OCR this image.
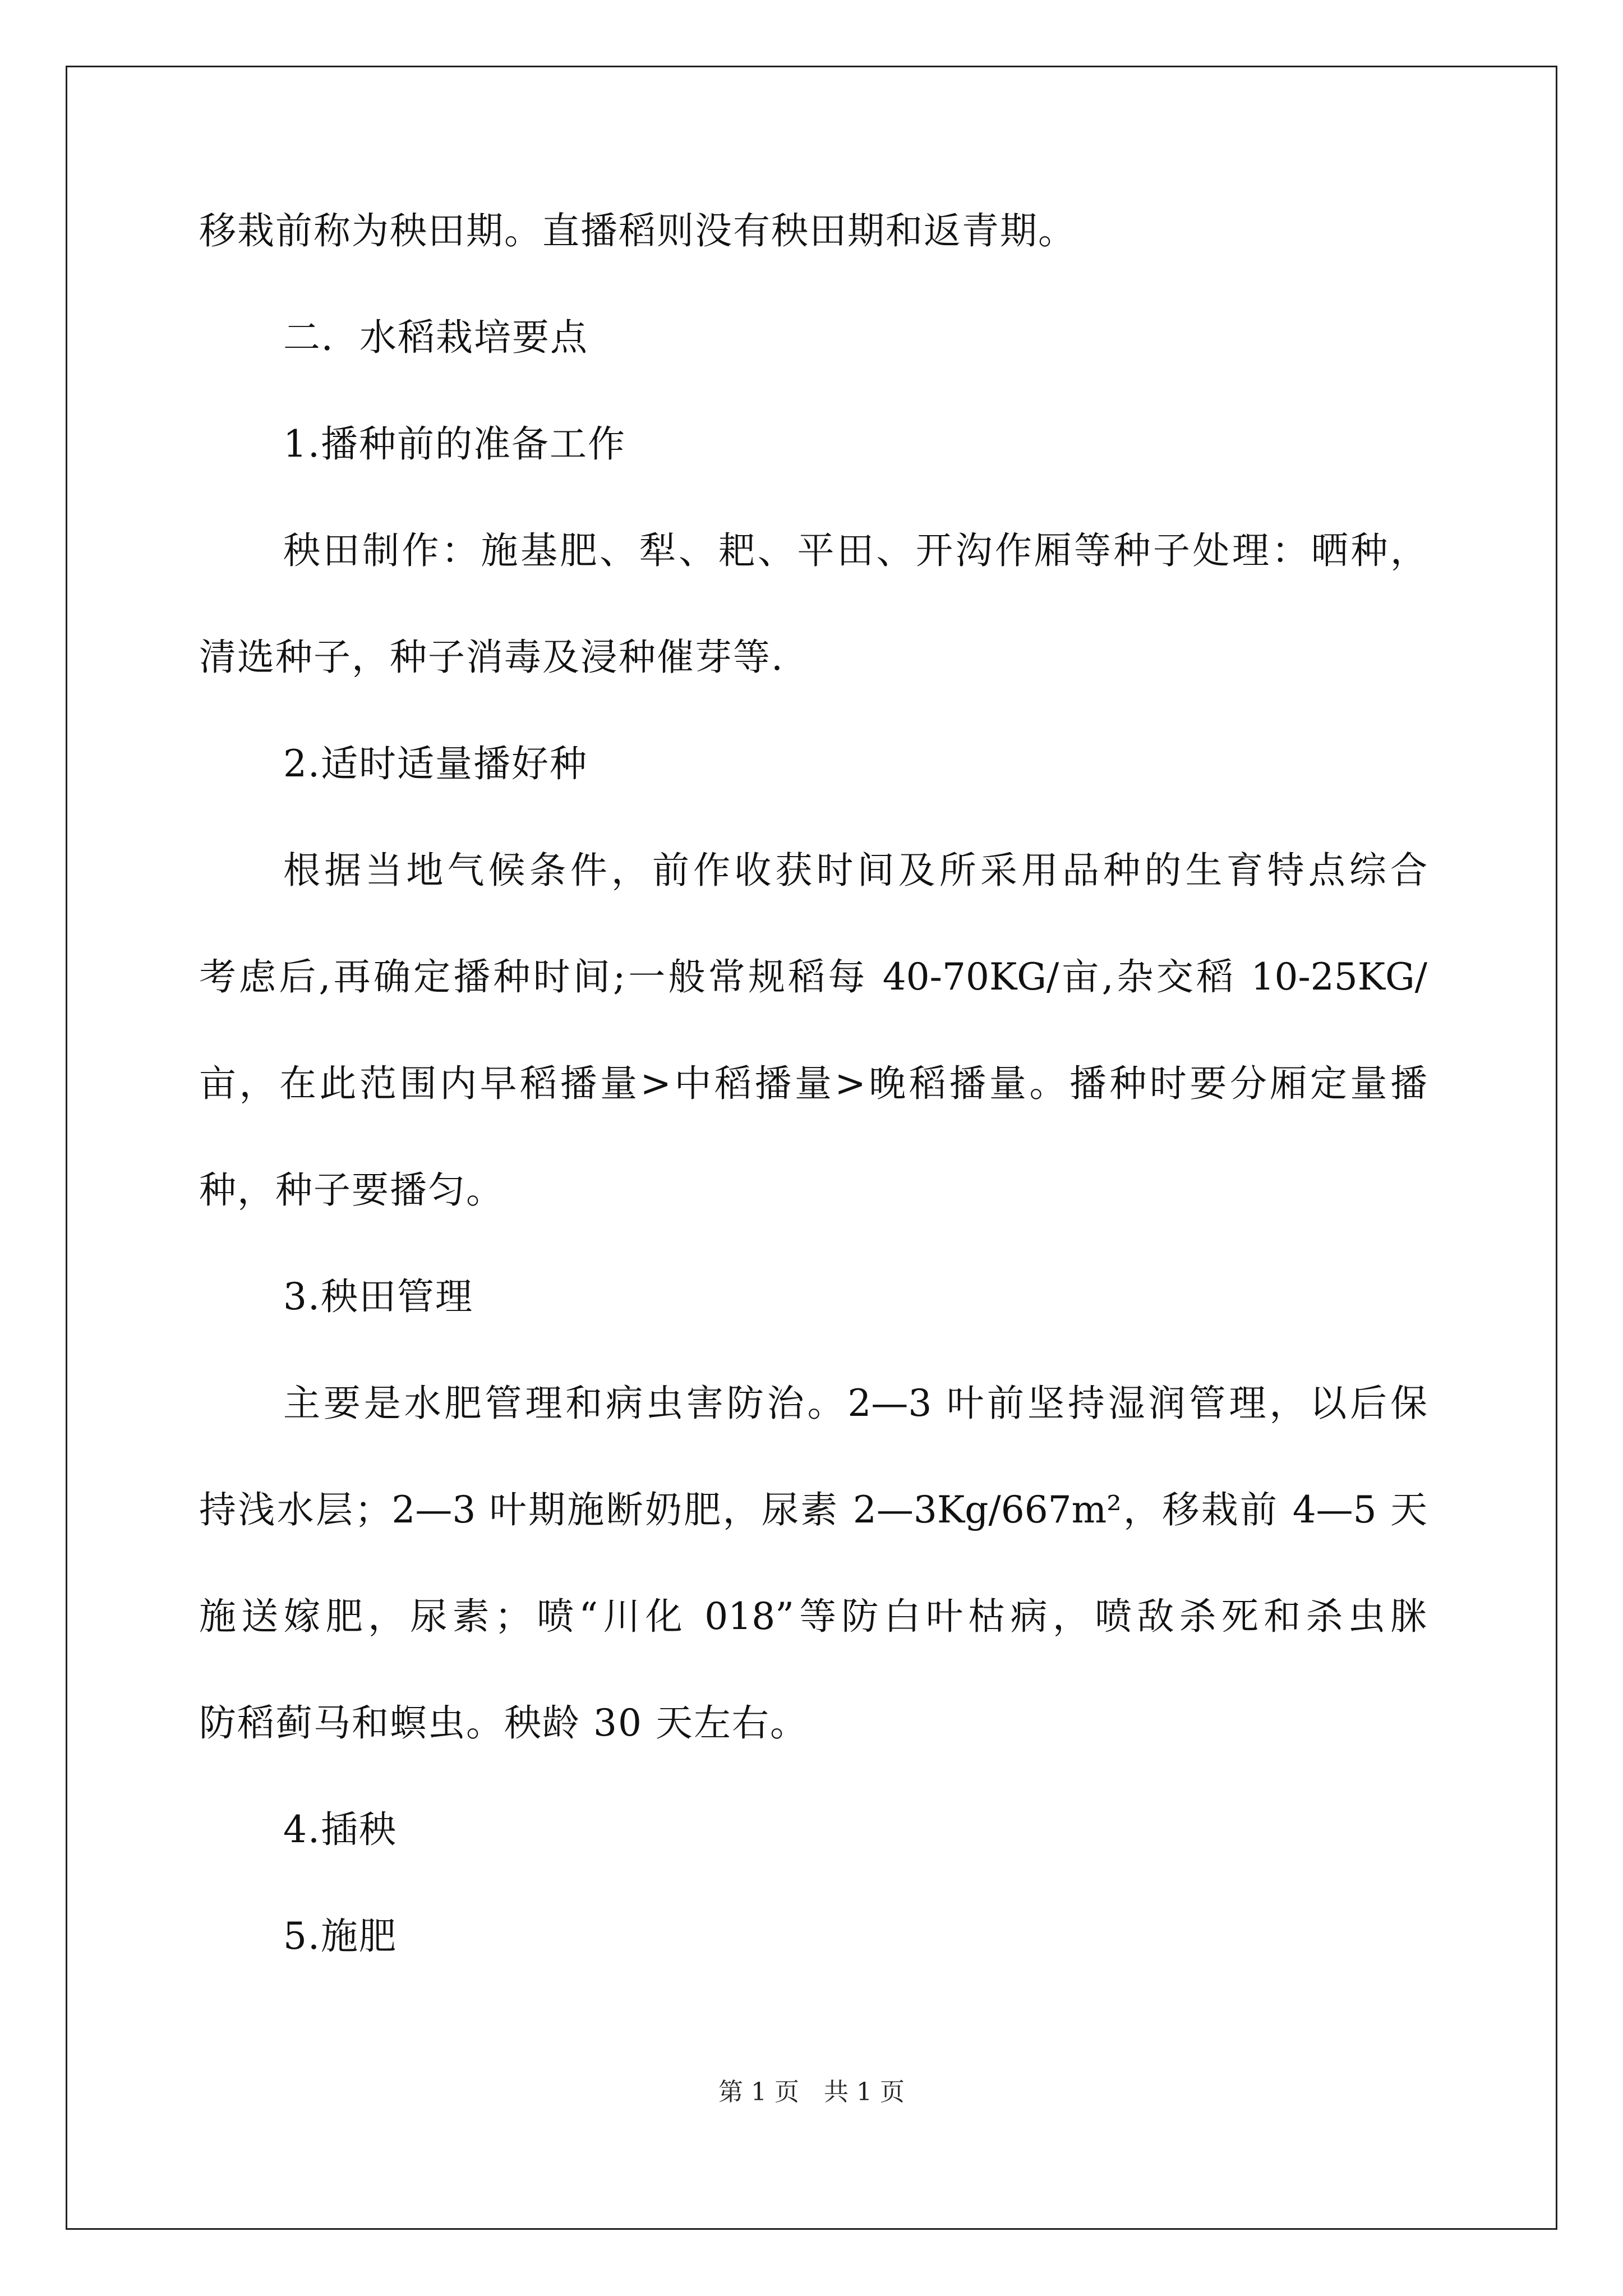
移栽前称为秧田期。直播稻则没有秧田期和返青期。
二．水稻栽培要点
1.播种前的准备工作
秧田制作：施基肥、犁、耙、平田、开沟作厢等种子处理：晒种，
清选种子，种子消毒及浸种催芽等.
2.适时适量播好种
根据当地气候条件，前作收获时间及所采用品种的生育特点综合
考虑后,再确定播种时间;一般常规稻每 40-70KG/亩,杂交稻 10-25KG/
亩，在此范围内早稻播量>中稻播量>晚稻播量。播种时要分厢定量播
种，种子要播匀。
3.秧田管理
主要是水肥管理和病虫害防治。2—3 叶前坚持湿润管理，以后保
持浅水层；2—3 叶期施断奶肥，尿素 2—3Kg/667m²，移栽前 4—5 天
施送嫁肥，尿素；喷“川化 018”等防白叶枯病，喷敌杀死和杀虫脒
防稻蓟马和螟虫。秧龄 30 天左右。
4.插秧
5.施肥
第 1 页　共 1 页
